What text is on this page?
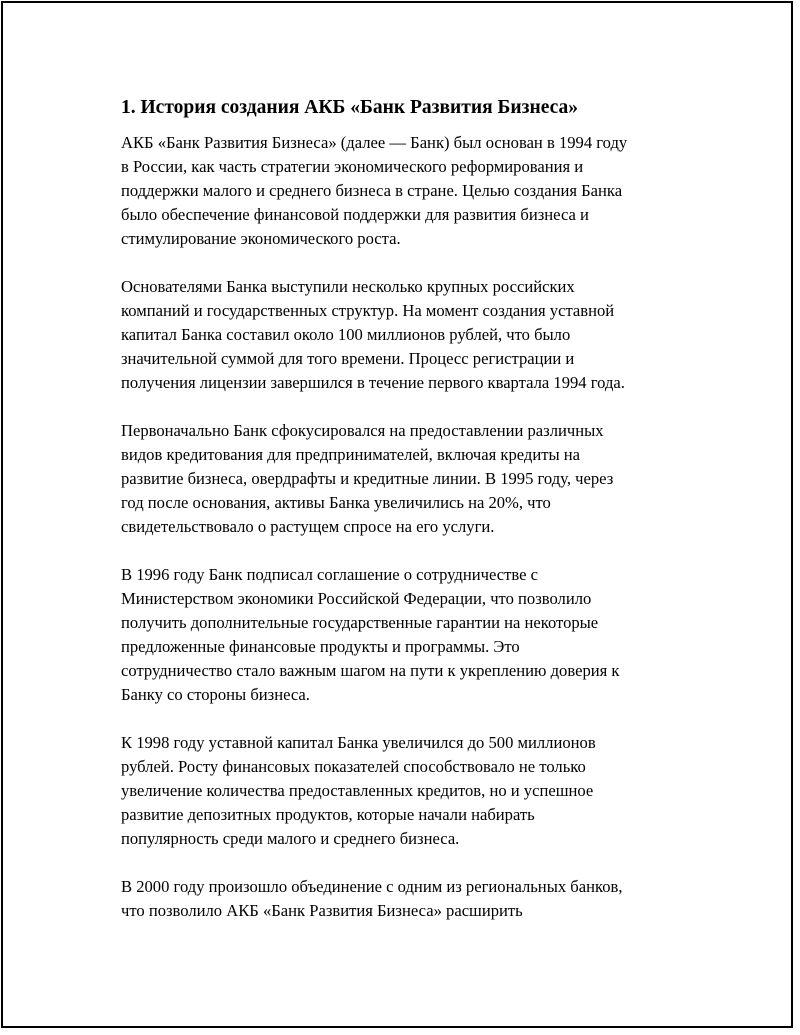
1. История создания АКБ «Банк Развития Бизнеса»

АКБ «Банк Развития Бизнеса» (далее — Банк) был основан в 1994 году
в России, как часть стратегии экономического реформирования и
поддержки малого и среднего бизнеса в стране. Целью создания Банка
было обеспечение финансовой поддержки для развития бизнеса и
стимулирование экономического роста.

Основателями Банка выступили несколько крупных российских
компаний и государственных структур. На момент создания уставной
капитал Банка составил около 100 миллионов рублей, что было
значительной суммой для того времени. Процесс регистрации и
получения лицензии завершился в течение первого квартала 1994 года.

Первоначально Банк сфокусировался на предоставлении различных
видов кредитования для предпринимателей, включая кредиты на
развитие бизнеса, овердрафты и кредитные линии. В 1995 году, через
год после основания, активы Банка увеличились на 20%, что
свидетельствовало о растущем спросе на его услуги.

В 1996 году Банк подписал соглашение о сотрудничестве с
Министерством экономики Российской Федерации, что позволило
получить дополнительные государственные гарантии на некоторые
предложенные финансовые продукты и программы. Это
сотрудничество стало важным шагом на пути к укреплению доверия к
Банку со стороны бизнеса.

К 1998 году уставной капитал Банка увеличился до 500 миллионов
рублей. Росту финансовых показателей способствовало не только
увеличение количества предоставленных кредитов, но и успешное
развитие депозитных продуктов, которые начали набирать
популярность среди малого и среднего бизнеса.

В 2000 году произошло объединение с одним из региональных банков,
что позволило АКБ «Банк Развития Бизнеса» расширить
